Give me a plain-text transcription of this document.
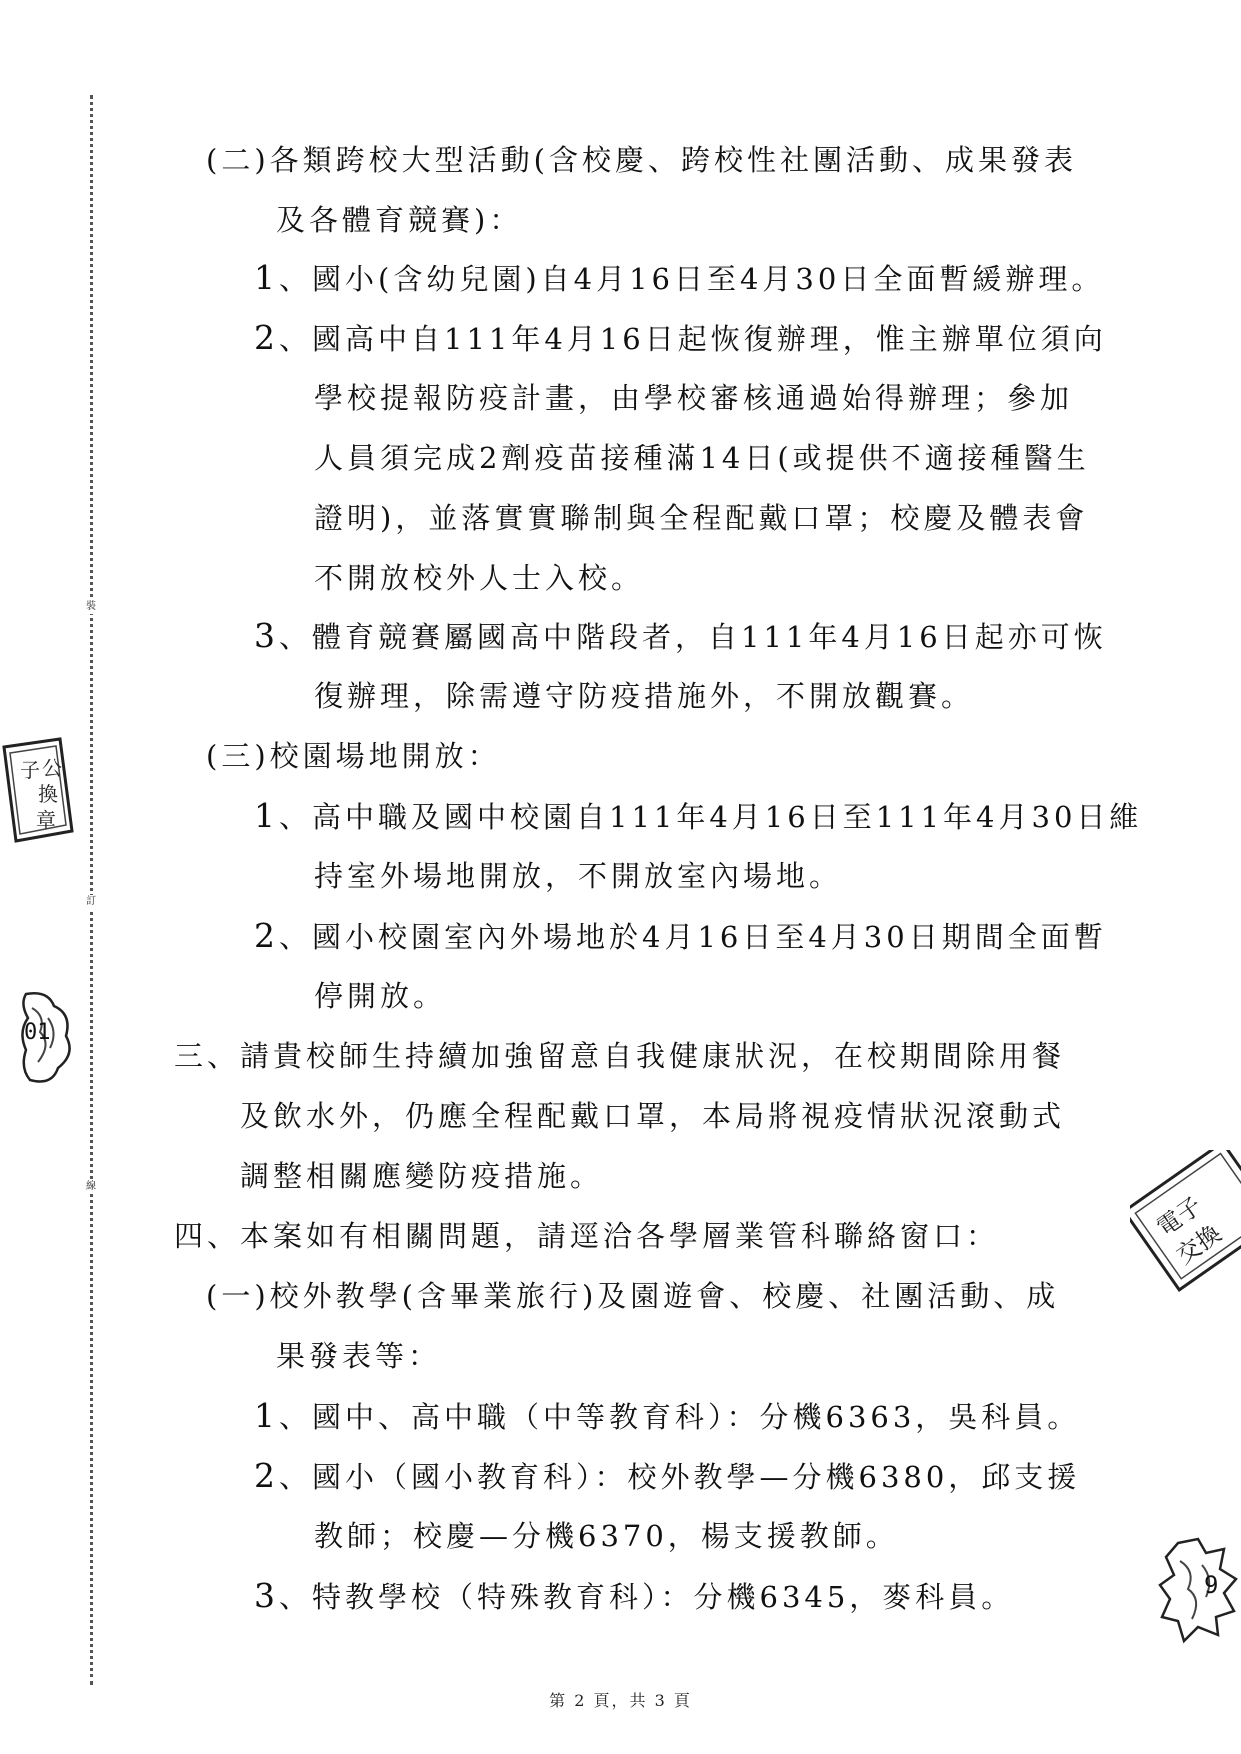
裝
訂
線
(二)各類跨校大型活動(含校慶、跨校性社團活動、成果發表
及各體育競賽)：
1 、國小(含幼兒園)自4月16日至4月30日全面暫緩辦理。
2 、國高中自111年4月16日起恢復辦理，惟主辦單位須向
學校提報防疫計畫，由學校審核通過始得辦理；參加
人員須完成2劑疫苗接種滿14日(或提供不適接種醫生
證明)，並落實實聯制與全程配戴口罩；校慶及體表會
不開放校外人士入校。
3 、體育競賽屬國高中階段者，自111年4月16日起亦可恢
復辦理，除需遵守防疫措施外，不開放觀賽。
(三)校園場地開放：
1 、高中職及國中校園自111年4月16日至111年4月30日維
持室外場地開放，不開放室內場地。
2 、國小校園室內外場地於4月16日至4月30日期間全面暫
停開放。
三、請貴校師生持續加強留意自我健康狀況，在校期間除用餐
及飲水外，仍應全程配戴口罩，本局將視疫情狀況滾動式
調整相關應變防疫措施。
四、本案如有相關問題，請逕洽各學層業管科聯絡窗口：
(一)校外教學(含畢業旅行)及園遊會、校慶、社團活動、成
果發表等：
1 、國中、高中職（中等教育科）：分機6363，吳科員。
2 、國小（國小教育科）：校外教學—分機6380，邱支援
教師；校慶—分機6370，楊支援教師。
3 、特教學校（特殊教育科）：分機6345，麥科員。
第 2 頁，共 3 頁
子 公
換
章
01
電子
交換
9
